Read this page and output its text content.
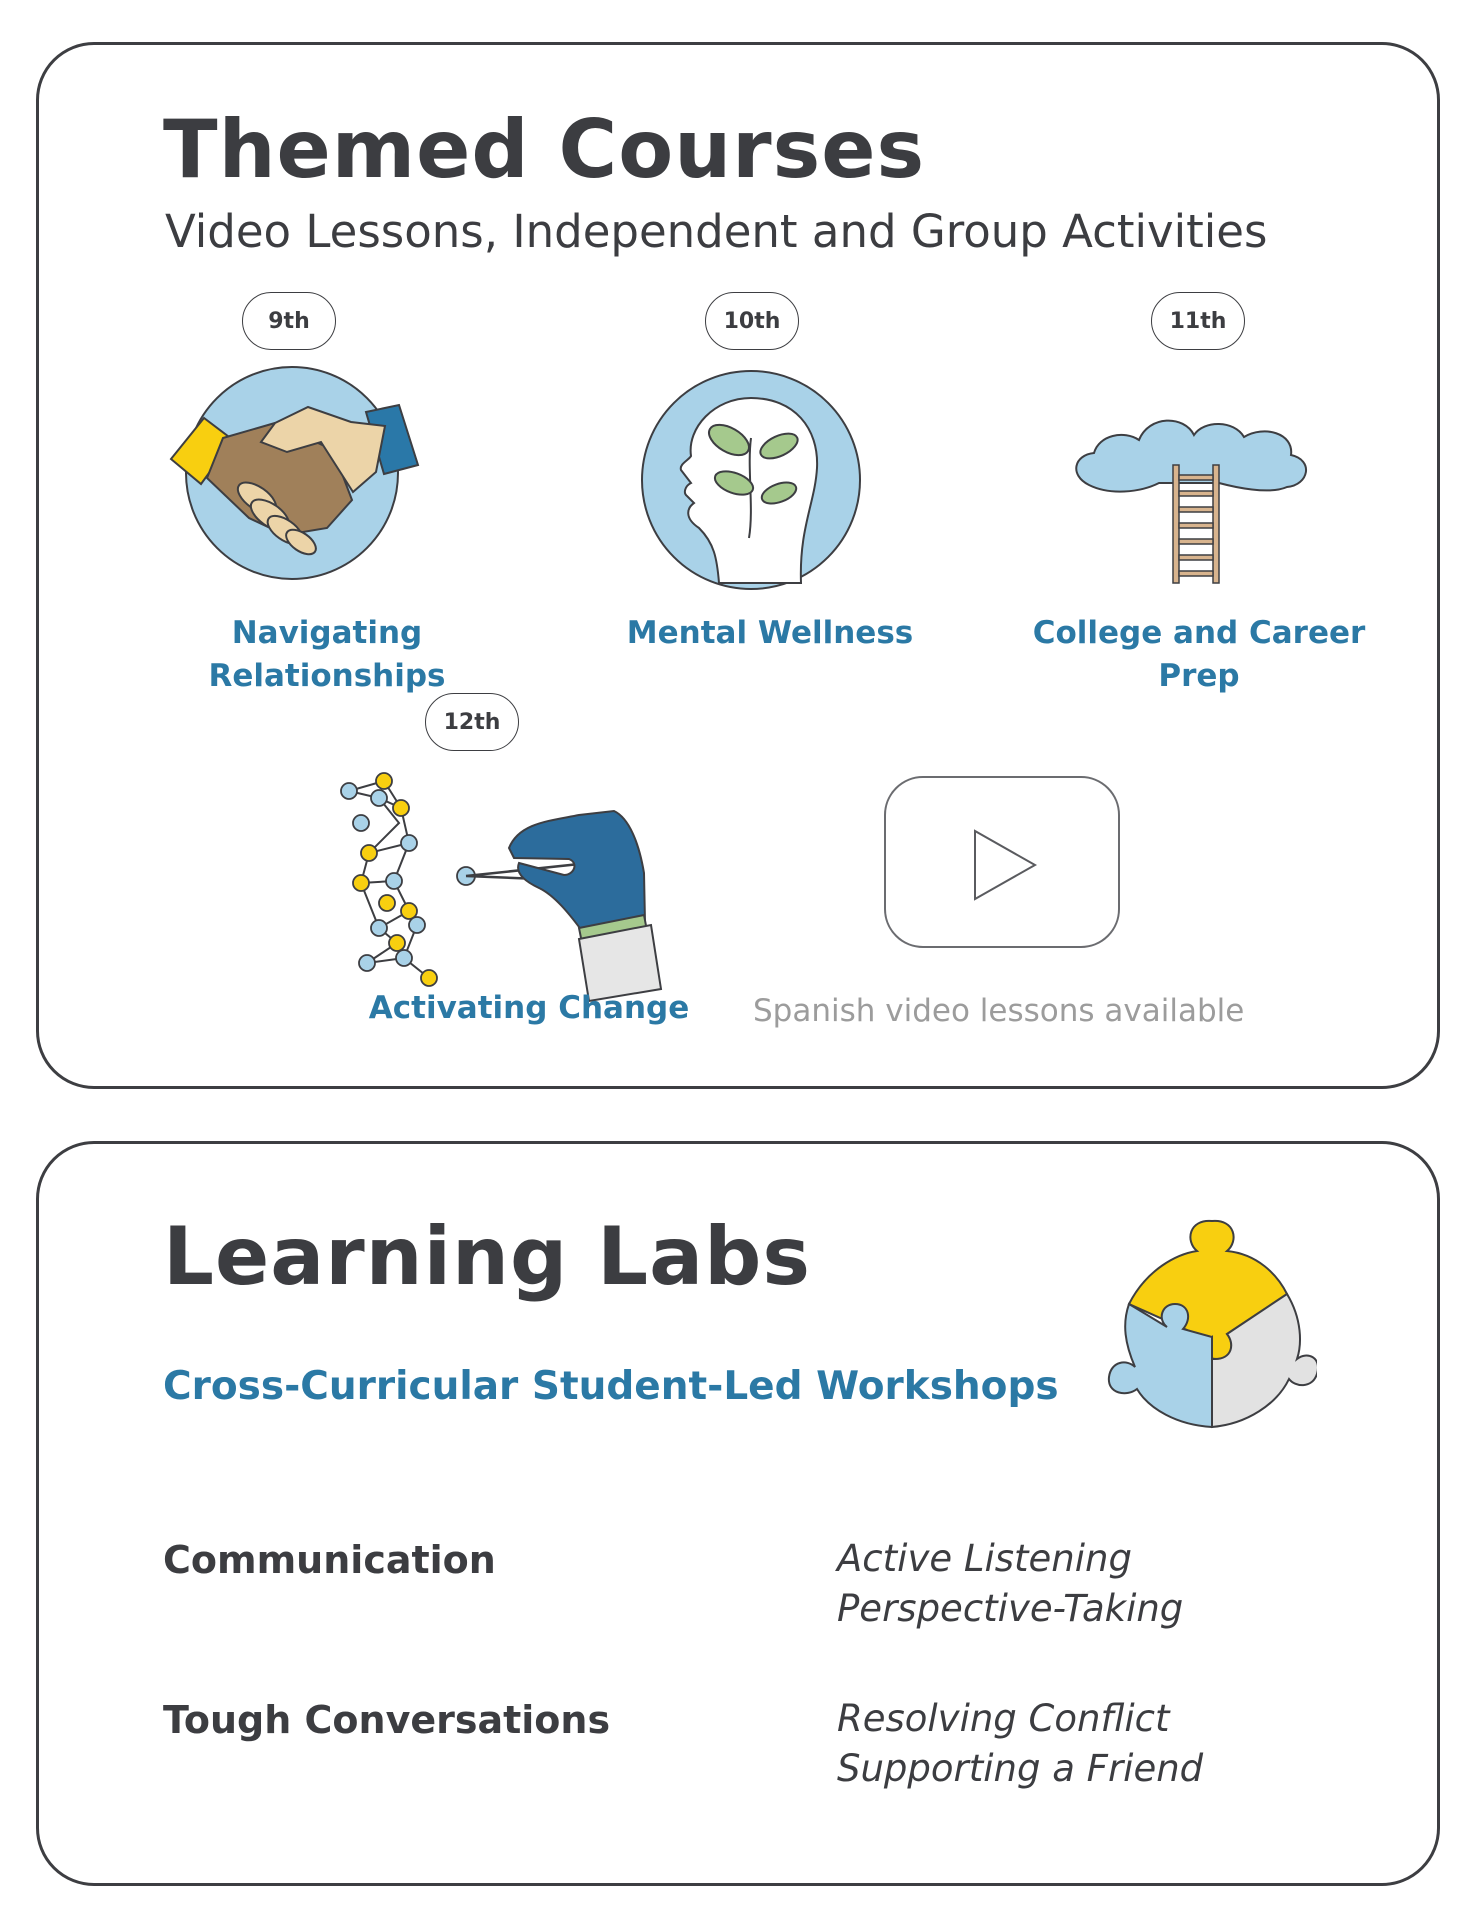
Themed Courses
Video Lessons, Independent and Group Activities
9th
Navigating
Relationships
10th
Mental Wellness
11th
College and Career
Prep
12th
Activating Change	Spanish video lessons available
Learning Labs
Cross-Curricular Student-Led Workshops
Communication	Active Listening
Perspective-Taking
Tough Conversations	Resolving Conflict
Supporting a Friend
